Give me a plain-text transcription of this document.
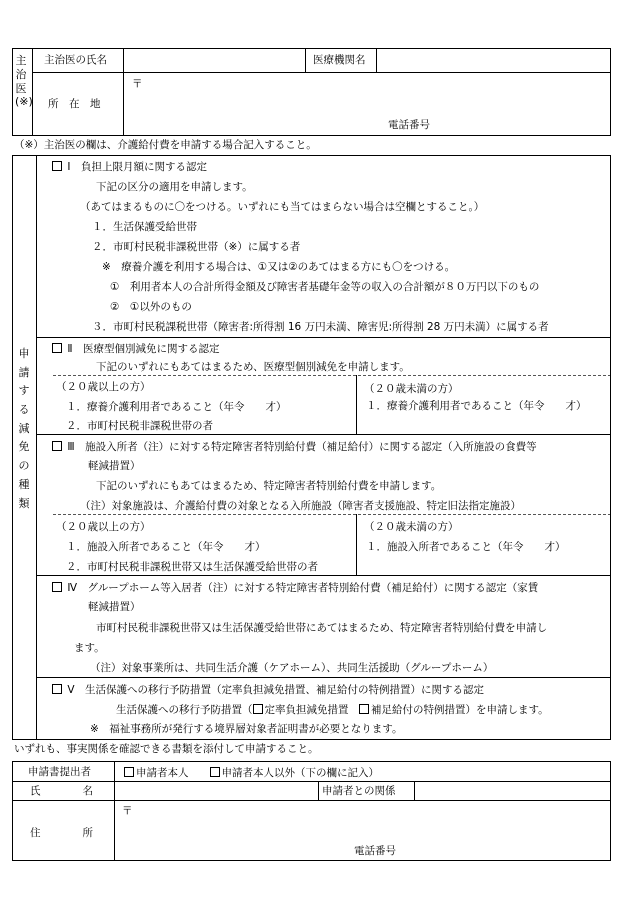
主治医(※)
主治医の氏名	医療機関名
所　在　地
〒
電話番号
（※）主治医の欄は、介護給付費を申請する場合記入すること。
申請する減免の種類
Ⅰ　負担上限月額に関する認定
下記の区分の適用を申請します。
（あてはまるものに〇をつける。いずれにも当てはまらない場合は空欄とすること。）
１．生活保護受給世帯
２．市町村民税非課税世帯（※）に属する者
※　療養介護を利用する場合は、①又は②のあてはまる方にも〇をつける。
①　利用者本人の合計所得金額及び障害者基礎年金等の収入の合計額が８０万円以下のもの
②　①以外のもの
３．市町村民税課税世帯（障害者:所得割 16 万円未満、障害児:所得割 28 万円未満）に属する者
Ⅱ　医療型個別減免に関する認定
下記のいずれにもあてはまるため、医療型個別減免を申請します。
（２０歳以上の方）
１．療養介護利用者であること（年令　　才）
２．市町村民税非課税世帯の者
（２０歳未満の方）
１．療養介護利用者であること（年令　　才）
Ⅲ　施設入所者（注）に対する特定障害者特別給付費（補足給付）に関する認定（入所施設の食費等
軽減措置）
下記のいずれにもあてはまるため、特定障害者特別給付費を申請します。
（注）対象施設は、介護給付費の対象となる入所施設（障害者支援施設、特定旧法指定施設）
（２０歳以上の方）
１．施設入所者であること（年令　　才）
２．市町村民税非課税世帯又は生活保護受給世帯の者
（２０歳未満の方）
１．施設入所者であること（年令　　才）
Ⅳ　グループホーム等入居者（注）に対する特定障害者特別給付費（補足給付）に関する認定（家賃
軽減措置）
市町村民税非課税世帯又は生活保護受給世帯にあてはまるため、特定障害者特別給付費を申請し
ます。
（注）対象事業所は、共同生活介護（ケアホーム）、共同生活援助（グループホーム）
Ⅴ　生活保護への移行予防措置（定率負担減免措置、補足給付の特例措置）に関する認定
生活保護への移行予防措置（ 定率負担減免措置　 補足給付の特例措置）を申請します。
※　福祉事務所が発行する境界層対象者証明書が必要となります。
いずれも、事実関係を確認できる書類を添付して申請すること。
申請書提出者	申請者本人　　	申請者本人以外（下の欄に記入）
氏　　　　名	申請者との関係
住　　　　所
〒
電話番号
